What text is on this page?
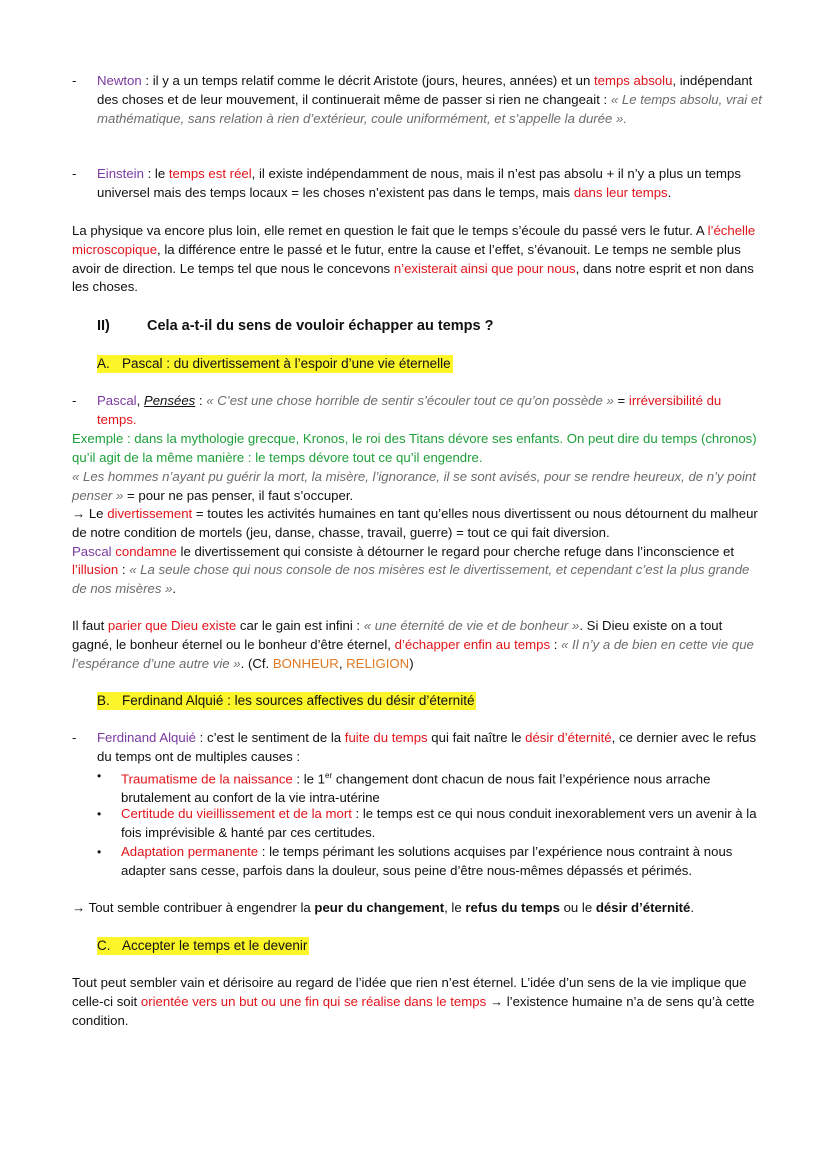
-	Newton : il y a un temps relatif comme le décrit Aristote (jours, heures, années) et un temps absolu, indépendant des choses et de leur mouvement, il continuerait même de passer si rien ne changeait : « Le temps absolu, vrai et mathématique, sans relation à rien d’extérieur, coule uniformément, et s’appelle la durée ».
-	Einstein : le temps est réel, il existe indépendamment de nous, mais il n’est pas absolu + il n’y a plus un temps universel mais des temps locaux = les choses n’existent pas dans le temps, mais dans leur temps.

La physique va encore plus loin, elle remet en question le fait que le temps s’écoule du passé vers le futur. A l’échelle microscopique, la différence entre le passé et le futur, entre la cause et l’effet, s’évanouit. Le temps ne semble plus avoir de direction. Le temps tel que nous le concevons n’existerait ainsi que pour nous, dans notre esprit et non dans les choses.

II)	Cela a-t-il du sens de vouloir échapper au temps ?
A. Pascal : du divertissement à l’espoir d’une vie éternelle
-	Pascal, Pensées : « C’est une chose horrible de sentir s’écouler tout ce qu’on possède » = irréversibilité du temps.

Exemple : dans la mythologie grecque, Kronos, le roi des Titans dévore ses enfants. On peut dire du temps (chronos) qu’il agit de la même manière : le temps dévore tout ce qu’il engendre.

« Les hommes n’ayant pu guérir la mort, la misère, l’ignorance, il se sont avisés, pour se rendre heureux, de n’y point penser » = pour ne pas penser, il faut s’occuper.

→ Le divertissement = toutes les activités humaines en tant qu’elles nous divertissent ou nous détournent du malheur de notre condition de mortels (jeu, danse, chasse, travail, guerre) = tout ce qui fait diversion.
Pascal condamne le divertissement qui consiste à détourner le regard pour cherche refuge dans l’inconscience et l’illusion : « La seule chose qui nous console de nos misères est le divertissement, et cependant c’est la plus grande de nos misères ».

Il faut parier que Dieu existe car le gain est infini : « une éternité de vie et de bonheur ». Si Dieu existe on a tout gagné, le bonheur éternel ou le bonheur d’être éternel, d’échapper enfin au temps : « Il n’y a de bien en cette vie que l’espérance d’une autre vie ». (Cf. BONHEUR, RELIGION)

B. Ferdinand Alquié : les sources affectives du désir d’éternité
-	Ferdinand Alquié : c’est le sentiment de la fuite du temps qui fait naître le désir d’éternité, ce dernier avec le refus du temps ont de multiples causes :
•	Traumatisme de la naissance : le 1er changement dont chacun de nous fait l’expérience nous arrache brutalement au confort de la vie intra-utérine
•	Certitude du vieillissement et de la mort : le temps est ce qui nous conduit inexorablement vers un avenir à la fois imprévisible & hanté par ces certitudes.
•	Adaptation permanente : le temps périmant les solutions acquises par l’expérience nous contraint à nous adapter sans cesse, parfois dans la douleur, sous peine d’être nous-mêmes dépassés et périmés.

→ Tout semble contribuer à engendrer la peur du changement, le refus du temps ou le désir d’éternité.

C. Accepter le temps et le devenir

Tout peut sembler vain et dérisoire au regard de l’idée que rien n’est éternel. L’idée d’un sens de la vie implique que celle-ci soit orientée vers un but ou une fin qui se réalise dans le temps → l’existence humaine n’a de sens qu’à cette condition.
